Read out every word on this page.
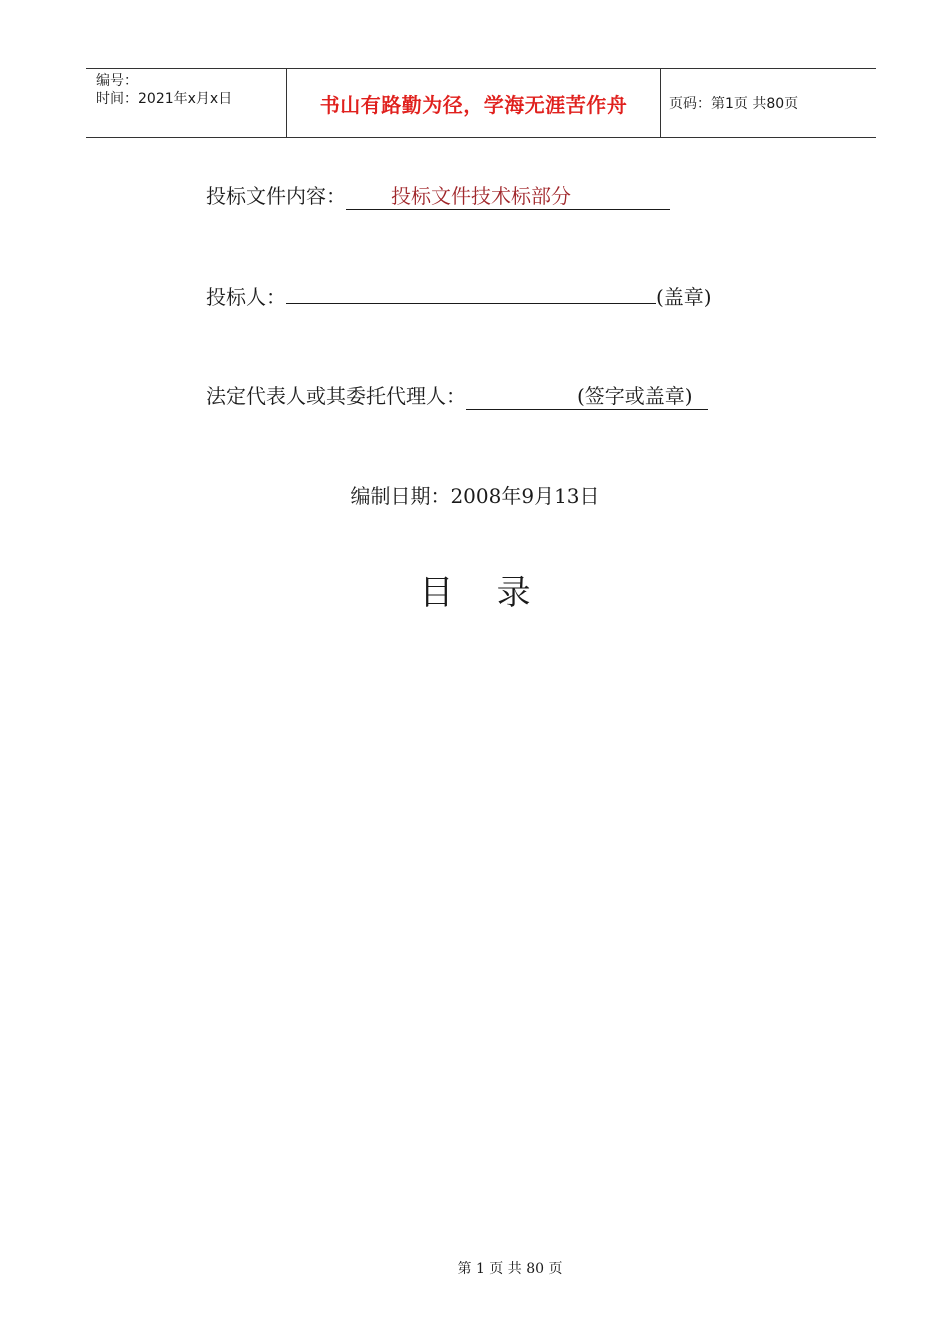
编号：
时间：2021年x月x日	书山有路勤为径，学海无涯苦作舟	页码：第1页 共80页
投标文件内容： 投标文件技术标部分
投标人：	(盖章)
法定代表人或其委托代理人：	(签字或盖章)
编制日期：2008年9月13日
目    录
第 1 页 共 80 页
